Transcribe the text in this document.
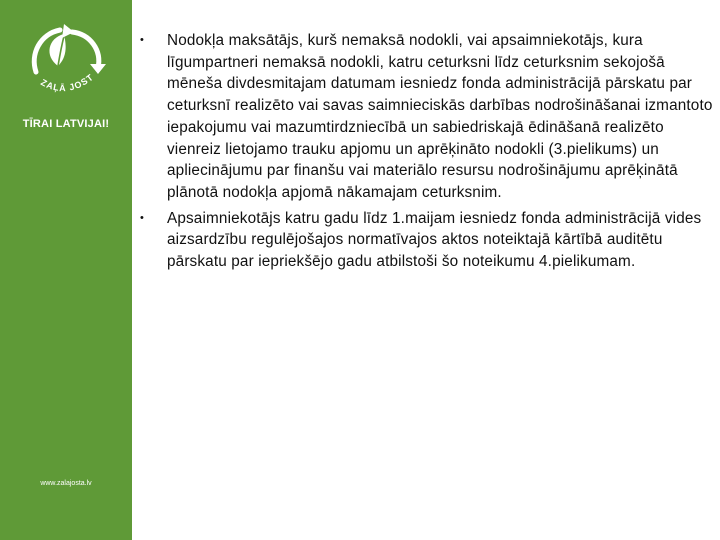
ZAĻĀ JOST
TĪRAI LATVIJAI!
www.zalajosta.lv
• Nodokļa maksātājs, kurš nemaksā nodokli, vai apsaimniekotājs, kura līgumpartneri nemaksā nodokli, katru ceturksni līdz ceturksnim sekojošā mēneša divdesmitajam datumam iesniedz fonda administrācijā pārskatu par ceturksnī realizēto vai savas saimnieciskās darbības nodrošināšanai izmantoto iepakojumu vai mazumtirdzniecībā un sabiedriskajā ēdināšanā realizēto vienreiz lietojamo trauku apjomu un aprēķināto nodokli (3.pielikums) un apliecinājumu par finanšu vai materiālo resursu nodrošinājumu aprēķinātā plānotā nodokļa apjomā nākamajam ceturksnim.
• Apsaimniekotājs katru gadu līdz 1.maijam iesniedz fonda administrācijā vides aizsardzību regulējošajos normatīvajos aktos noteiktajā kārtībā auditētu pārskatu par iepriekšējo gadu atbilstoši šo noteikumu 4.pielikumam.
